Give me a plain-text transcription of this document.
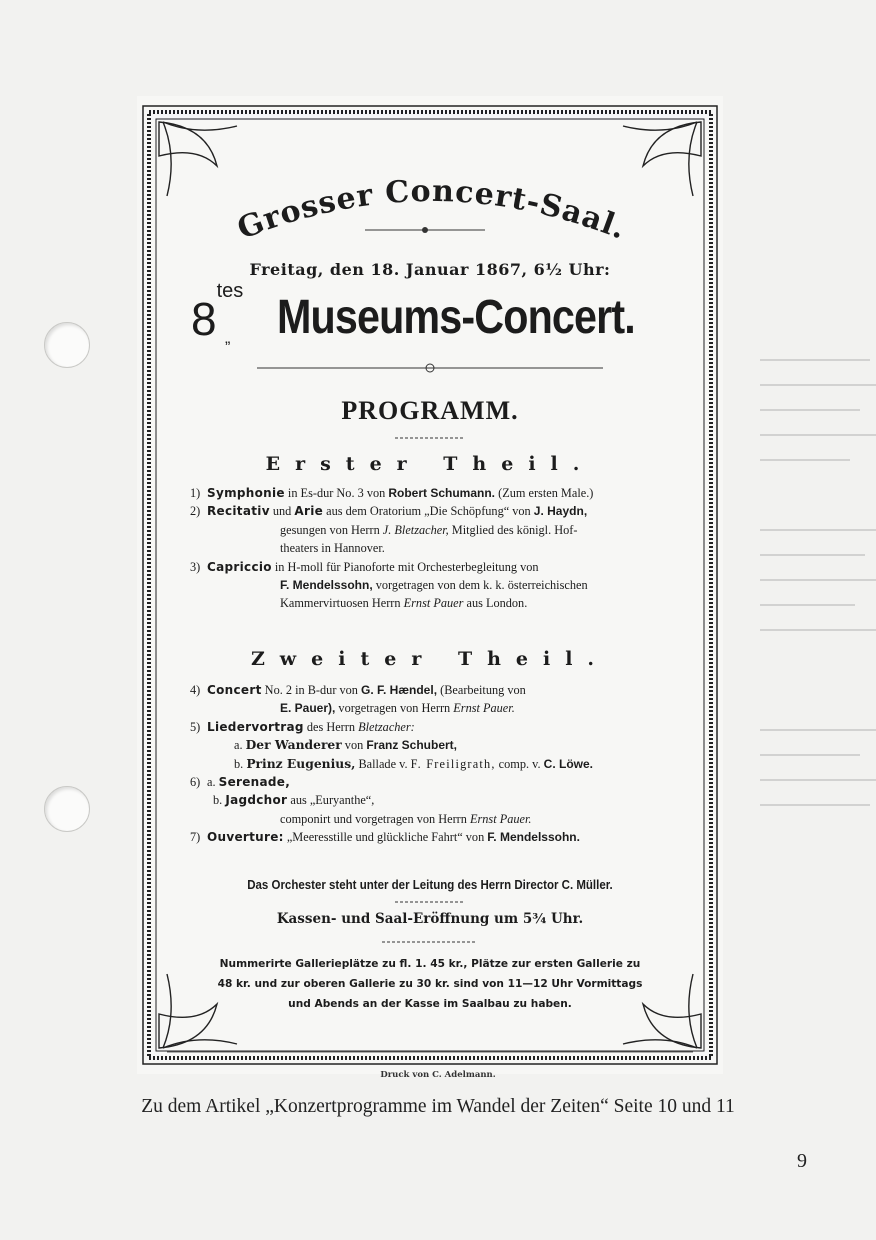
Grosser Concert-Saal.
Freitag, den 18. Januar 1867, 6½ Uhr:
$8^{tes}$
„ Museums-Concert.
PROGRAMM.
Erster Theil.
1) Symphonie in Es-dur No. 3 von Robert Schumann. (Zum ersten Male.)
2) Recitativ und Arie aus dem Oratorium „Die Schöpfung“ von J. Haydn,
gesungen von Herrn J. Bletzacher, Mitglied des königl. Hof-
theaters in Hannover.
3) Capriccio in H-moll für Pianoforte mit Orchesterbegleitung von
F. Mendelssohn, vorgetragen von dem k. k. österreichischen
Kammervirtuosen Herrn Ernst Pauer aus London.
Zweiter Theil.
4) Concert No. 2 in B-dur von G. F. Hændel, (Bearbeitung von
E. Pauer), vorgetragen von Herrn Ernst Pauer.
5) Liedervortrag des Herrn Bletzacher:
a. Der Wanderer von Franz Schubert,
b. Prinz Eugenius, Ballade v. F. Freiligrath, comp. v. C. Löwe.
6) a. Serenade,
b. Jagdchor aus „Euryanthe“,
componirt und vorgetragen von Herrn Ernst Pauer.
7) Ouverture: „Meeresstille und glückliche Fahrt“ von F. Mendelssohn.
Das Orchester steht unter der Leitung des Herrn Director C. Müller.
Kassen- und Saal-Eröffnung um 5¾ Uhr.
Nummerirte Gallerieplätze zu fl. 1. 45 kr., Plätze zur ersten Gallerie zu
48 kr. und zur oberen Gallerie zu 30 kr. sind von 11—12 Uhr Vormittags
und Abends an der Kasse im Saalbau zu haben.
Druck von C. Adelmann.
Zu dem Artikel „Konzertprogramme im Wandel der Zeiten“ Seite 10 und 11
9
